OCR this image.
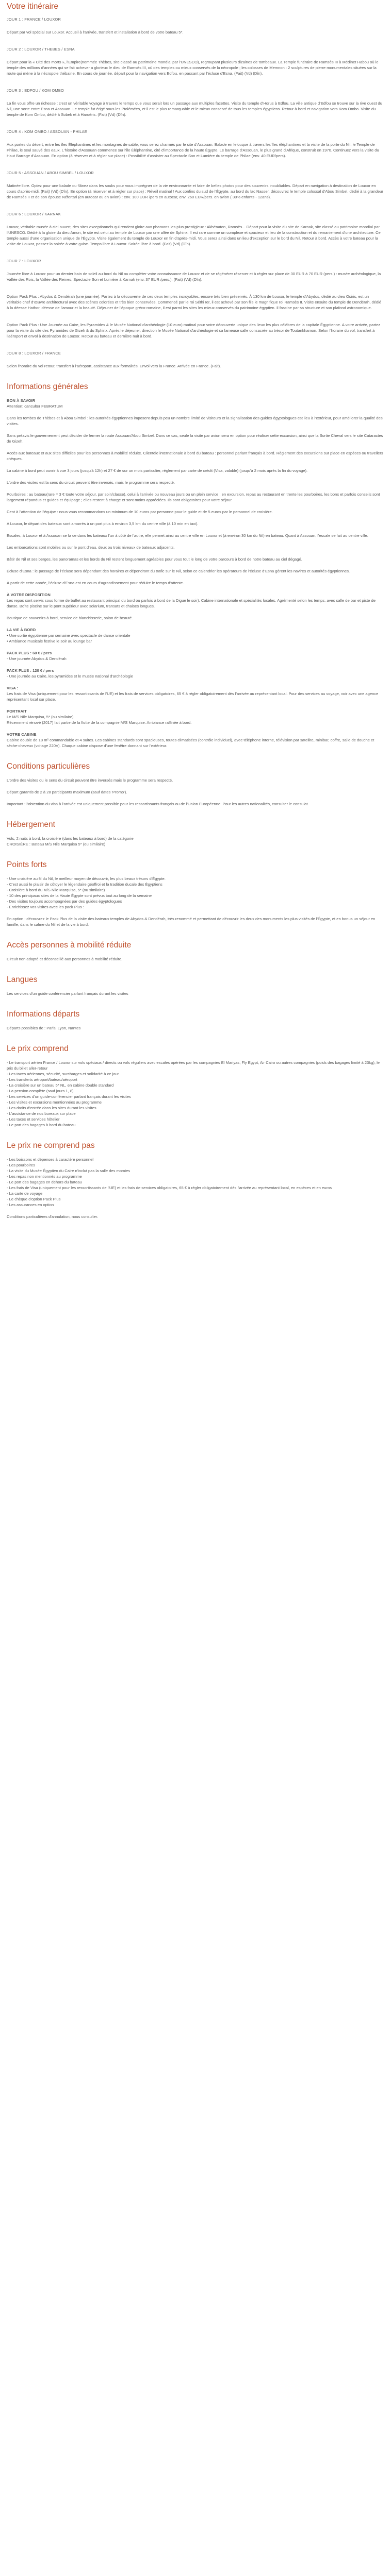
Votre itinéraire
JOUR 1 : FRANCE / LOUXOR
Départ par vol spécial sur Louxor. Accueil à l'arrivée, transfert et installation à bord de votre bateau 5*.
JOUR 2 : LOUXOR / THEBES / ESNA
Départ pour la « Cité des morts », l'Empire(nommée Thèbes, site classé au patrimoine mondial par l'UNESCO), regroupant plusieurs dizaines de tombeaux. La Temple funéraire de Ramsès III à Médinet Habou où le temple des millions d'années qui se fait achever a glorieux le dieu de Ramsès III, où des temples ou mieux conservés de la nécropole ; les colosses de Memnon : 2 sculptures de pierre monumentales situées sur la route qui mène à la nécropole thébaine. En cours de journée, départ pour la navigation vers Edfou, en passant par l'écluse d'Esna. (Fait) (Vd) (Dîn).
JOUR 3 : EDFOU / KOM OMBO
La fin vous offre un richesse : c'est un véritable voyage à travers le temps que vous serait lors un passage aux multiples facettes. Visite du temple d'Horus à Edfou. La ville antique d'Edfou se trouve sur la rive ouest du Nil, une sorte entre Esna et Assouan. Le temple fut érigé sous les Ptolémées, et il est le plus remarquable et le mieux conservé de tous les temples égyptiens. Retour à bord et navigation vers Kom Ombo. Visite du temple de Kom Ombo, dédié à Sobek et à Haroëris. (Fait) (Vd) (Dîn).
JOUR 4 : KOM OMBO / ASSOUAN - PHILAE
Aux portes du désert, entre les îles Éléphantines et les montagnes de sable, vous serez charmés par le site d'Assouan. Balade en felouque à travers les îles éléphantines et la visite de la porte du Nil, le Temple de Philae, le seul sauvé des eaux. L'histoire d'Assouan commence sur l'île Éléphantine, cité d'importance de la haute Égypte. Le barrage d'Assouan, le plus grand d'Afrique, construit en 1970. Continuez vers la visite du Haut Barrage d'Assouan. En option (à réserver et à régler sur place) : Possibilité d'assister au Spectacle Son et Lumière du temple de Philae (env. 40 EUR/pers).
JOUR 5 : ASSOUAN / ABOU SIMBEL / LOUXOR
Matinée libre. Optez pour une balade ou flânez dans les souks pour vous imprégner de la vie environnante et faire de belles photos pour des souvenirs inoubliables. Départ en navigation à destination de Louxor en cours d'après-midi. (Fait) (Vd) (Dîn). En option (à réserver et à régler sur place) : Réveil matinal ! Aux confins du sud de l'Égypte, au bord du lac Nasser, découvrez le temple colossal d'Abou Simbel, dédié à la grandeur de Ramsès II et de son épouse Néfertari (en autocar ou en avion) : env. 100 EUR /pers en autocar, env. 260 EUR/pers. en avion ( 30% enfants - 12ans).
JOUR 6 : LOUXOR / KARNAK
Louxor, véritable musée à ciel ouvert, des sites exceptionnels qui rendent gloire aux pharaons les plus prestigieux : Akhénaton, Ramsès... Départ pour la visite du site de Karnak, site classé au patrimoine mondial par l'UNESCO. Dédié à la gloire du dieu Amon, le site est celui au temple de Louxor par une allée de Sphinx. Il est rare comme un complexe et spacieux et lieu de la construction et du remaniement d'une architecture. Ce temple aussi d'une organisation unique de l'Égypte. Visite également du temple de Louxor en fin d'après-midi. Vous serez ainsi dans un lieu d'exception sur le bord du Nil. Retour à bord. Accès à votre bateau pour la visite de Louxor, passez la soirée à votre guise. Temps libre à Louxor. Soirée libre à bord. (Fait) (Vd) (Dîn).
JOUR 7 : LOUXOR
Journée libre à Louxor pour un dernier bain de soleil au bord du Nil ou compléter votre connaissance de Louxor et de se régénérer réserver et à régler sur place de 30 EUR à 70 EUR (pers.) : musée archéologique, la Vallée des Rois, la Vallée des Reines, Spectacle Son et Lumière à Karnak (env. 37 EUR /pers.). (Fait) (Vd) (Dîn).
Option Pack Plus : Abydos & Dendérah (une journée). Partez à la découverte de ces deux temples incroyables, encore très bien préservés. À 130 km de Louxor, le temple d'Abydos, dédié au dieu Osiris, est un véritable chef d'œuvre architectural avec des scènes colorées et très bien conservées. Commencé par le roi Séthi Ier, il est achevé par son fils le magnifique roi Ramsès II. Visite ensuite du temple de Dendérah, dédié à la déesse Hathor, déesse de l'amour et la beauté. Déjeuner de l'époque gréco-romaine, il est parmi les sites les mieux conservés du patrimoine égyptien. Il fascine par sa structure et son plafond astronomique.
Option Pack Plus : Une Journée au Caire, les Pyramides & le Musée National d'archéologie (10 euro) matinal pour votre découverte unique des lieux les plus célèbres de la capitale Égyptienne. A votre arrivée, partez pour la visite du site des Pyramides de Gizeh & du Sphinx. Après le déjeuner, direction le Musée National d'archéologie et sa fameuse salle consacrée au trésor de Toutankhamon. Selon l'horaire du vol, transfert à l'aéroport et envol à destination de Louxor. Retour au bateau et dernière nuit à bord.
JOUR 8 : LOUXOR / FRANCE
Selon l'horaire du vol retour, transfert à l'aéroport, assistance aux formalités. Envol vers la France. Arrivée en France. (Fait).
Informations générales
BON À SAVOIR
Attention: canculter FEBRATUM
Dans les tombes de Thèbes et à Abou Simbel : les autorités égyptiennes imposent depuis peu un nombre limité de visiteurs et la signalisation des guides égyptologues est lieu à l'extérieur, pour améliorer la qualité des visites.
Sans préavis le gouvernement peut décider de fermer la route Assouan/Abou Simbel. Dans ce cas, seule la visite par avion sera en option pour réaliser cette excursion, ainsi que la Sortie Cheval vers le site Cataractes de Gizeh.
Accès aux bateaux et aux sites difficiles pour les personnes à mobilité réduite. Clientèle internationale à bord du bateau : personnel parlant français à bord. Règlement des excursions sur place en espèces ou travellers chèques.
La cabine à bord peut ouvrir à vue 3 jours (jusqu'à 12h) et 27 € de sur un mois particulier, réglement par carte de crédit (Visa, valable) (jusqu'à 2 mois après la fin du voyage).
L'ordre des visites est la sens du circuit peuvent être inversés, mais le programme sera respecté.
Pourboires : au bateau(rare = 3 € toute votre séjour, par soin/classe), celui à l'arrivée ou nouveau jours ou un plein service ; en excursion, repas au restaurant en trente les pourboires, les bons et parfois conseils sont largement répandus et guides et équipage ; elles restent à charge et sont moins appréciées. Ils sont obligatoires pour votre séjour.
Cent à l'attention de l'équipe : nous vous recommandons un minimum de 10 euros par personne pour le guide et de 5 euros par le personnel de croisière.
A Louxor, le départ des bateaux sont amarrés à un port plus à environ 3,5 km du centre ville (à 10 min en taxi).
Escales, à Louxor et à Assouan se fa ce dans les bateaux l'un à côté de l'autre, elle permet ainsi au centre ville en Louxor et (à environ 30 km du Nil) en bateau. Quant à Assouan, l'escale se fait au centre ville.
Les embarcations sont mobiles ou sur le pont d'eau, deux ou trois niveaux de bateaux adjacents.
Bâtir de Nil et ses berges, les panoramas et les bords du Nil restent longuement agréables pour vous tout le long de votre parcours à bord de notre bateau au ciel dégagé.
Écluse d'Esna : le passage de l'écluse sera dépendant des horaires et dépendront du trafic sur le Nil, selon ce calendrier les opérateurs de l'écluse d'Esna gèrent les navires et autorités égyptiennes.
À partir de cette année, l'écluse d'Esna est en cours d'agrandissement pour réduire le temps d'attente.
À VOTRE DISPOSITION
Les repas sont servis sous forme de buffet au restaurant principal du bord ou parfois à bord de la Digue le soir). Cabine internationale et spécialités locales. Agrémenté selon les temps, avec salle de bar et piste de danse. Boîte piscine sur le pont supérieur avec solarium, transats et chaises longues.
Boutique de souvenirs à bord, service de blanchisserie, salon de beauté.
LA VIE À BORD
• Une sortie égyptienne par semaine avec spectacle de danse orientale
• Ambiance musicale festive le soir au lounge bar
PACK PLUS : 60 € / pers
- Une journée Abydos & Dendérah
PACK PLUS : 120 € / pers
- Une journée au Caire, les pyramides et le musée national d'archéologie
VISA :
Les frais de Visa (uniquement pour les ressortissants de l'UE) et les frais de services obligatoires, 65 € à régler obligatoirement dès l'arrivée au représentant local. Pour des services au voyage, voir avec une agence représentant local sur place.
PORTRAIT
Le M/S Nile Marquisa, 5* (ou similaire)
Récemment rénové (2017) fait partie de la flotte de la compagnie M/S Marquise. Ambiance raffinée à bord.
VOTRE CABINE
Cabine double de 18 m² commandable et 4 suites. Les cabines standards sont spacieuses, toutes climatisées (contrôle individuel), avec téléphone interne, télévision par satellite, minibar, coffre, salle de douche et sèche-cheveux (voltage 220V). Chaque cabine dispose d'une fenêtre donnant sur l'extérieur.
Conditions particulières

L'ordre des visites ou le sens du circuit peuvent être inversés mais le programme sera respecté.

Départ garantis de 2 à 28 participants maximum (sauf dates 'Promo').

Important : l'obtention du visa à l'arrivée est uniquement possible pour les ressortissants français ou de l'Union Européenne. Pour les autres nationalités, consulter le consulat.

Hébergement

Vols, 2 nuits à bord, la croisière (dans les bateaux à bord) de la catégorie
CROISIÈRE : Bateau M/S Nile Marquisa 5* (ou similaire)

Points forts
- Une croisière au fil du Nil, le meilleur moyen de découvrir, les plus beaux trésors d'Égypte.
- C'est aussi le plaisir de côtoyer le légendaire géoffroi et la tradition ducale des Égyptiens
- Croisière à bord du M/S Nile Marquisa, 5* (ou similaire)
- 10 des principaux sites de la Haute Égypte sont prévus tout au long de la semaine
- Des visites toujours accompagnées par des guides égyptologues
- Enrichissez vos visites avec les pack Plus :

En option : découvrez le Pack Plus de la visite des bateaux temples de Abydos & Dendérah, très renommé et permettant de découvrir les deux des monuments les plus visités de l'Égypte, et en bonus un séjour en famille, dans le calme du Nil et de la vie à bord.

Accès personnes à mobilité réduite

Circuit non adapté et déconseillé aux personnes à mobilité réduite.

Langues

Les services d'un guide conférencier parlant français durant les visites

Informations départs

Départs possibles de : Paris, Lyon, Nantes

Le prix comprend
- Le transport aérien France / Louxor sur vols spéciaux / directs ou vols réguliers avec escales opérées par les compagnies El Mariyas, Fly Egypt, Air Cairo ou autres compagnies (poids des bagages limité à 23kg), le prix du billet aller-retour
- Les taxes aériennes, sécurité, surcharges et solidarité à ce jour
- Les transferts aéroport/bateau/aéroport
- La croisière sur un bateau 5* NL, en cabine double standard
- La pension complète (sauf jours 1, 8)
- Les services d'un guide-conférencier parlant français durant les visites
- Les visites et excursions mentionnées au programme
- Les droits d'entrée dans les sites durant les visites
- L'assistance de nos bureaux sur place
- Les taxes et services hôtelier
- Le port des bagages à bord du bateau
Le prix ne comprend pas
- Les boissons et dépenses à caractère personnel
- Les pourboires
- La visite du Musée Égyptien du Caire n'inclut pas la salle des momies
- Les repas non mentionnés au programme
- Le port des bagages en dehors du bateau
- Les frais de Visa (uniquement pour les ressortissants de l'UE) et les frais de services obligatoires, 65 € à régler obligatoirement dès l'arrivée au représentant local, en espèces et en euros
- La carte de voyage
- Le chèque d'option Pack Plus
- Les assurances en option

Conditions particulières d'annulation, nous consulter.
